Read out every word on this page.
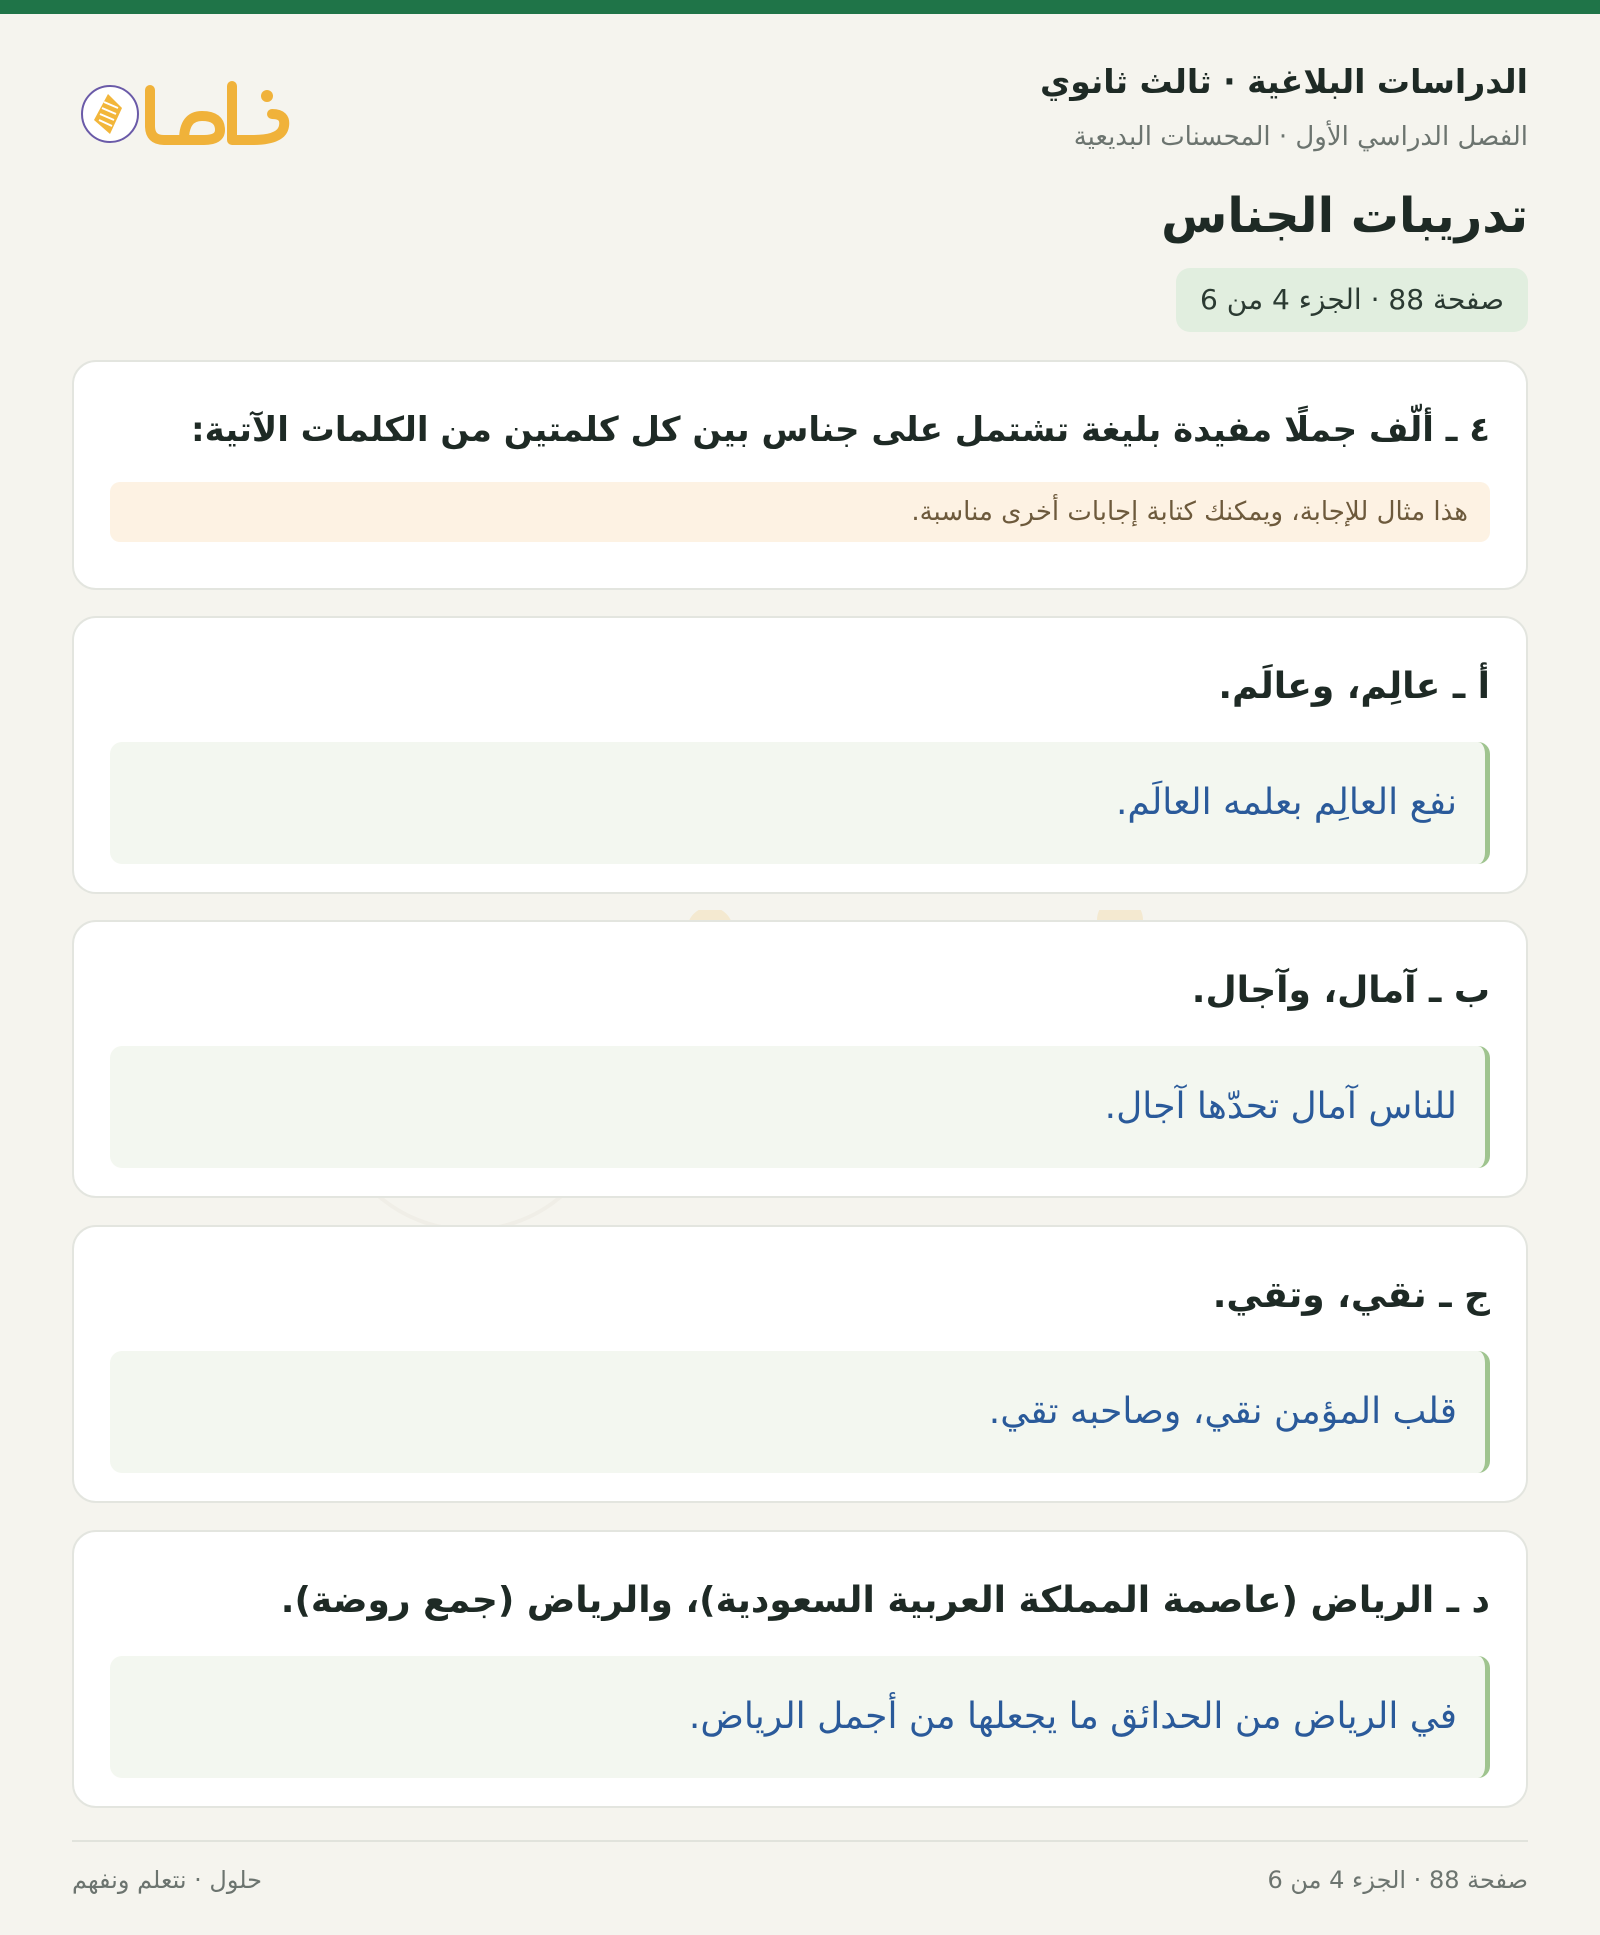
الدراسات البلاغية · ثالث ثانوي
الفصل الدراسي الأول · المحسنات البديعية
تدريبات الجناس
صفحة 88 · الجزء 4 من 6
٤ ـ ألّف جملًا مفيدة بليغة تشتمل على جناس بين كل كلمتين من الكلمات الآتية:
هذا مثال للإجابة، ويمكنك كتابة إجابات أخرى مناسبة.
أ ـ عالِم، وعالَم.
نفع العالِم بعلمه العالَم.
ب ـ آمال، وآجال.
للناس آمال تحدّها آجال.
ج ـ نقي، وتقي.
قلب المؤمن نقي، وصاحبه تقي.
د ـ الرياض (عاصمة المملكة العربية السعودية)، والرياض (جمع روضة).
في الرياض من الحدائق ما يجعلها من أجمل الرياض.
صفحة 88 · الجزء 4 من 6
حلول · نتعلم ونفهم
